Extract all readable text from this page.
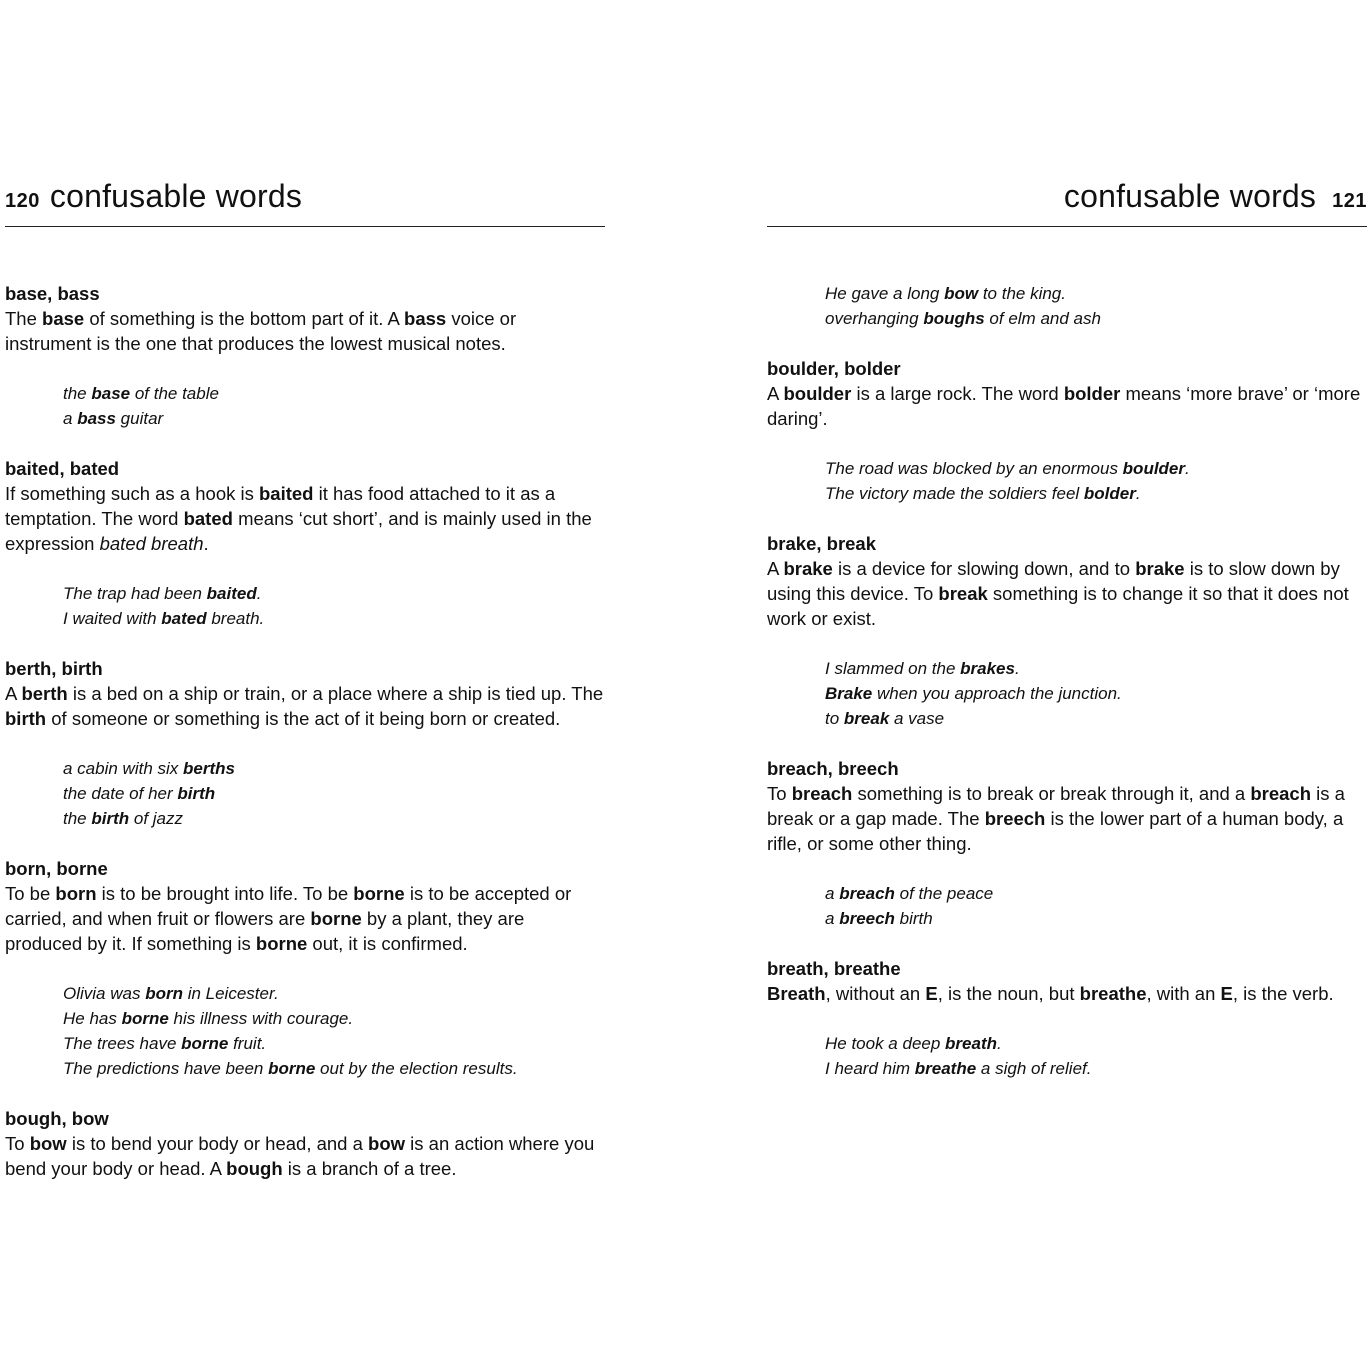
120 confusable words

base, bass

The base of something is the bottom part of it. A bass voice or instrument is the one that produces the lowest musical notes.

the base of the table
a bass guitar

baited, bated

If something such as a hook is baited it has food attached to it as a temptation. The word bated means ‘cut short’, and is mainly used in the expression bated breath.

The trap had been baited.
I waited with bated breath.

berth, birth

A berth is a bed on a ship or train, or a place where a ship is tied up. The birth of someone or something is the act of it being born or created.

a cabin with six berths
the date of her birth
the birth of jazz

born, borne

To be born is to be brought into life. To be borne is to be accepted or carried, and when fruit or flowers are borne by a plant, they are produced by it. If something is borne out, it is confirmed.

Olivia was born in Leicester.
He has borne his illness with courage.
The trees have borne fruit.
The predictions have been borne out by the election results.

bough, bow

To bow is to bend your body or head, and a bow is an action where you bend your body or head. A bough is a branch of a tree.

confusable words 121
He gave a long bow to the king.
overhanging boughs of elm and ash

boulder, bolder

A boulder is a large rock. The word bolder means ‘more brave’ or ‘more daring’.

The road was blocked by an enormous boulder.
The victory made the soldiers feel bolder.

brake, break

A brake is a device for slowing down, and to brake is to slow down by using this device. To break something is to change it so that it does not work or exist.

I slammed on the brakes.
Brake when you approach the junction.
to break a vase

breach, breech

To breach something is to break or break through it, and a breach is a break or a gap made. The breech is the lower part of a human body, a rifle, or some other thing.

a breach of the peace
a breech birth

breath, breathe

Breath, without an E, is the noun, but breathe, with an E, is the verb.

He took a deep breath.
I heard him breathe a sigh of relief.
